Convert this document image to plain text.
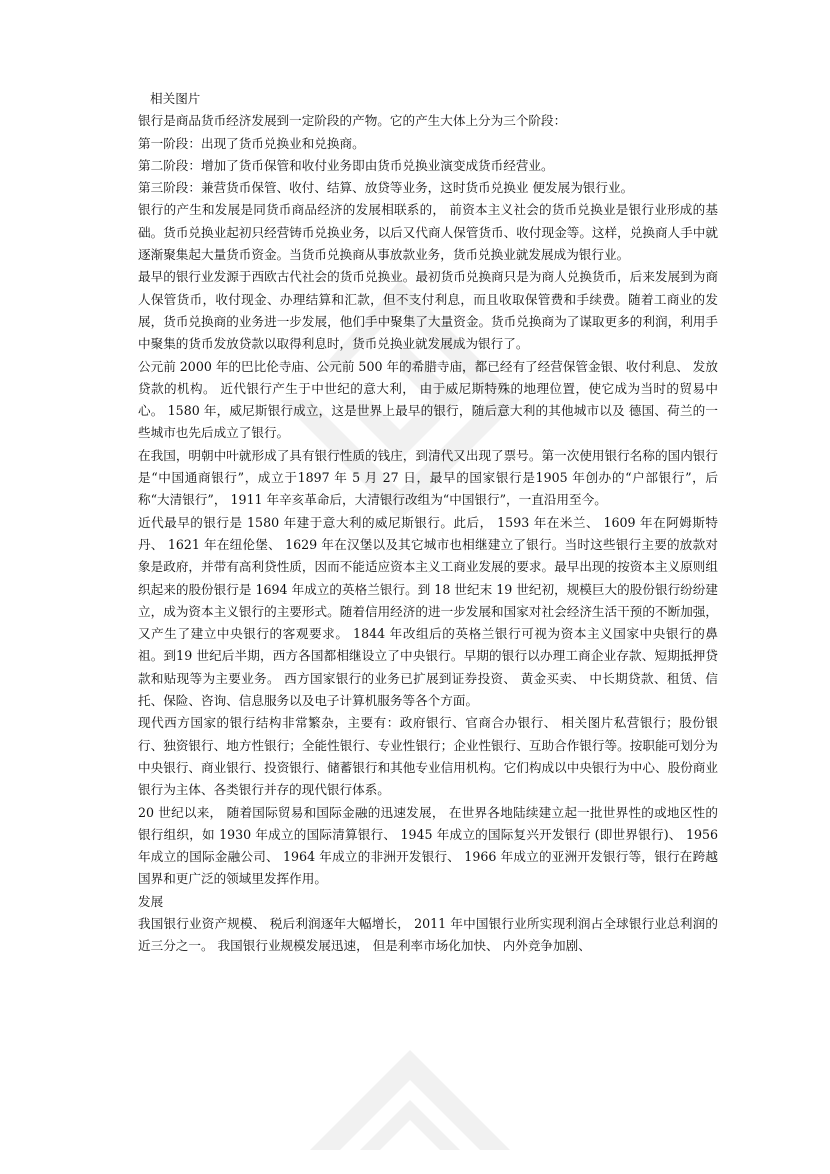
相关图片

银行是商品货币经济发展到一定阶段的产物。它的产生大体上分为三个阶段：

第一阶段：出现了货币兑换业和兑换商。

第二阶段：增加了货币保管和收付业务即由货币兑换业演变成货币经营业。

第三阶段：兼营货币保管、收付、结算、放贷等业务，这时货币兑换业 便发展为银行业。

银行的产生和发展是同货币商品经济的发展相联系的， 前资本主义社会的货币兑换业是银行业形成的基础。货币兑换业起初只经营铸币兑换业务，以后又代商人保管货币、收付现金等。这样，兑换商人手中就逐渐聚集起大量货币资金。当货币兑换商从事放款业务，货币兑换业就发展成为银行业。

最早的银行业发源于西欧古代社会的货币兑换业。最初货币兑换商只是为商人兑换货币，后来发展到为商人保管货币，收付现金、办理结算和汇款，但不支付利息，而且收取保管费和手续费。随着工商业的发展，货币兑换商的业务进一步发展，他们手中聚集了大量资金。货币兑换商为了谋取更多的利润，利用手中聚集的货币发放贷款以取得利息时，货币兑换业就发展成为银行了。

公元前 2000 年的巴比伦寺庙、公元前 500 年的希腊寺庙，都已经有了经营保管金银、收付利息、 发放贷款的机构。 近代银行产生于中世纪的意大利， 由于威尼斯特殊的地理位置，使它成为当时的贸易中心。 1580 年，威尼斯银行成立，这是世界上最早的银行，随后意大利的其他城市以及 德国、荷兰的一些城市也先后成立了银行。

在我国，明朝中叶就形成了具有银行性质的钱庄，到清代又出现了票号。第一次使用银行名称的国内银行是“中国通商银行”，成立于1897 年 5 月 27 日，最早的国家银行是1905 年创办的“户部银行”，后称“大清银行”， 1911 年辛亥革命后，大清银行改组为“中国银行”，一直沿用至今。

近代最早的银行是 1580 年建于意大利的威尼斯银行。此后， 1593 年在米兰、 1609 年在阿姆斯特丹、 1621 年在纽伦堡、 1629 年在汉堡以及其它城市也相继建立了银行。当时这些银行主要的放款对象是政府，并带有高利贷性质，因而不能适应资本主义工商业发展的要求。最早出现的按资本主义原则组织起来的股份银行是 1694 年成立的英格兰银行。到 18 世纪末 19 世纪初，规模巨大的股份银行纷纷建立，成为资本主义银行的主要形式。随着信用经济的进一步发展和国家对社会经济生活干预的不断加强， 又产生了建立中央银行的客观要求。 1844 年改组后的英格兰银行可视为资本主义国家中央银行的鼻祖。到19 世纪后半期，西方各国都相继设立了中央银行。早期的银行以办理工商企业存款、短期抵押贷款和贴现等为主要业务。 西方国家银行的业务已扩展到证券投资、 黄金买卖、 中长期贷款、租赁、信托、保险、咨询、信息服务以及电子计算机服务等各个方面。

现代西方国家的银行结构非常繁杂，主要有：政府银行、官商合办银行、 相关图片私营银行；股份银行、独资银行、地方性银行；全能性银行、专业性银行；企业性银行、互助合作银行等。按职能可划分为中央银行、商业银行、投资银行、储蓄银行和其他专业信用机构。它们构成以中央银行为中心、股份商业银行为主体、各类银行并存的现代银行体系。

20 世纪以来， 随着国际贸易和国际金融的迅速发展， 在世界各地陆续建立起一批世界性的或地区性的银行组织，如 1930 年成立的国际清算银行、 1945 年成立的国际复兴开发银行 (即世界银行)、 1956 年成立的国际金融公司、 1964 年成立的非洲开发银行、 1966 年成立的亚洲开发银行等，银行在跨越国界和更广泛的领域里发挥作用。

发展

我国银行业资产规模、 税后利润逐年大幅增长， 2011 年中国银行业所实现利润占全球银行业总利润的近三分之一。 我国银行业规模发展迅速， 但是利率市场化加快、 内外竞争加剧、
